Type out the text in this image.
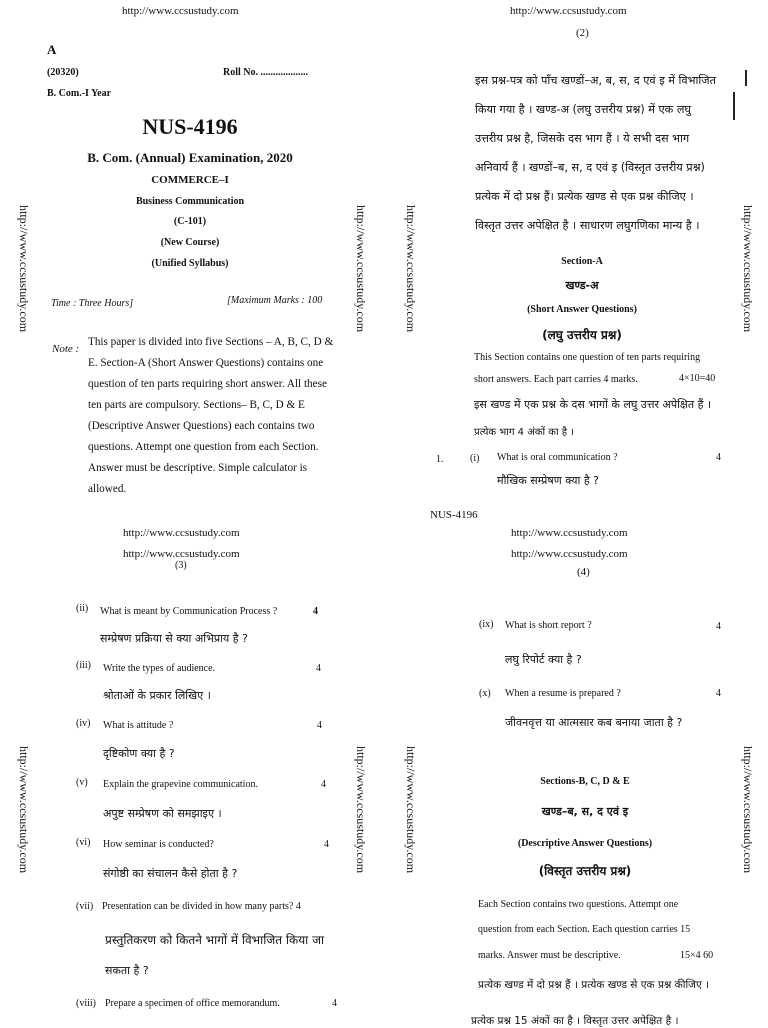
http://www.ccsustudy.com
A
(20320)	Roll No. ...................
B. Com.-I Year
NUS-4196
B. Com. (Annual) Examination, 2020
COMMERCE–I
Business Communication
(C-101)
(New Course)
(Unified Syllabus)
Time : Three Hours]	[Maximum Marks : 100
Note :
This paper is divided into five Sections – A, B, C, D &
E. Section-A (Short Answer Questions) contains one
question of ten parts requiring short answer. All these
ten parts are compulsory. Sections– B, C, D & E
(Descriptive Answer Questions) each contains two
questions. Attempt one question from each Section.
Answer must be descriptive. Simple calculator is
allowed.
http://www.ccsustudy.com
http://www.ccsustudy.com
(2)
इस प्रश्न-पत्र को पाँच खण्डों–अ, ब, स, द एवं इ में विभाजित
किया गया है । खण्ड-अ (लघु उत्तरीय प्रश्न) में एक लघु
उत्तरीय प्रश्न है, जिसके दस भाग हैं । ये सभी दस भाग
अनिवार्य हैं । खण्डों–ब, स, द एवं इ (विस्तृत उत्तरीय प्रश्न)
प्रत्येक में दो प्रश्न हैं। प्रत्येक खण्ड से एक प्रश्न कीजिए ।
विस्तृत उत्तर अपेक्षित है । साधारण लघुगणिका मान्य है ।
Section-A
खण्ड-अ
(Short Answer Questions)
(लघु उत्तरीय प्रश्न)
This Section contains one question of ten parts requiring
short answers. Each part carries 4 marks.	4×10=40
इस खण्ड में एक प्रश्न के दस भागों के लघु उत्तर अपेक्षित हैं ।
प्रत्येक भाग 4 अंकों का है ।
1.	(i) What is oral communication ?	4
मौखिक सम्प्रेषण क्या है ?
NUS-4196
http://www.ccsustudy.com
http://www.ccsustudy.com
(3)
(ii) What is meant by Communication Process ?	4
सम्प्रेषण प्रक्रिया से क्या अभिप्राय है ?
(iii) Write the types of audience.	4
श्रोताओं के प्रकार लिखिए ।
(iv) What is attitude ?	4
दृष्टिकोण क्या है ?
(v) Explain the grapevine communication.	4
अपुष्ट सम्प्रेषण को समझाइए ।
(vi) How seminar is conducted?	4
संगोष्ठी का संचालन कैसे होता है ?
(vii) Presentation can be divided in how many parts? 4
प्रस्तुतिकरण को कितने भागों में विभाजित किया जा
सकता है ?
(viii) Prepare a specimen of office memorandum.	4
http://www.ccsustudy.com
(4)
(ix) What is short report ?	4
लघु रिपोर्ट क्या है ?
(x) When a resume is prepared ?	4
जीवनवृत्त या आत्मसार कब बनाया जाता है ?
Sections-B, C, D & E
खण्ड–ब, स, द एवं इ
(Descriptive Answer Questions)
(विस्तृत उत्तरीय प्रश्न)
Each Section contains two questions. Attempt one
question from each Section. Each question carries 15
marks. Answer must be descriptive.	15×4 60
प्रत्येक खण्ड में दो प्रश्न हैं । प्रत्येक खण्ड से एक प्रश्न कीजिए ।
प्रत्येक प्रश्न 15 अंकों का है । विस्तृत उत्तर अपेक्षित है ।
http://www.ccsustudy.com	http://www.ccsustudy.com	http://www.ccsustudy.com	http://www.ccsustudy.com
http://www.ccsustudy.com	http://www.ccsustudy.com	http://www.ccsustudy.com	http://www.ccsustudy.com
